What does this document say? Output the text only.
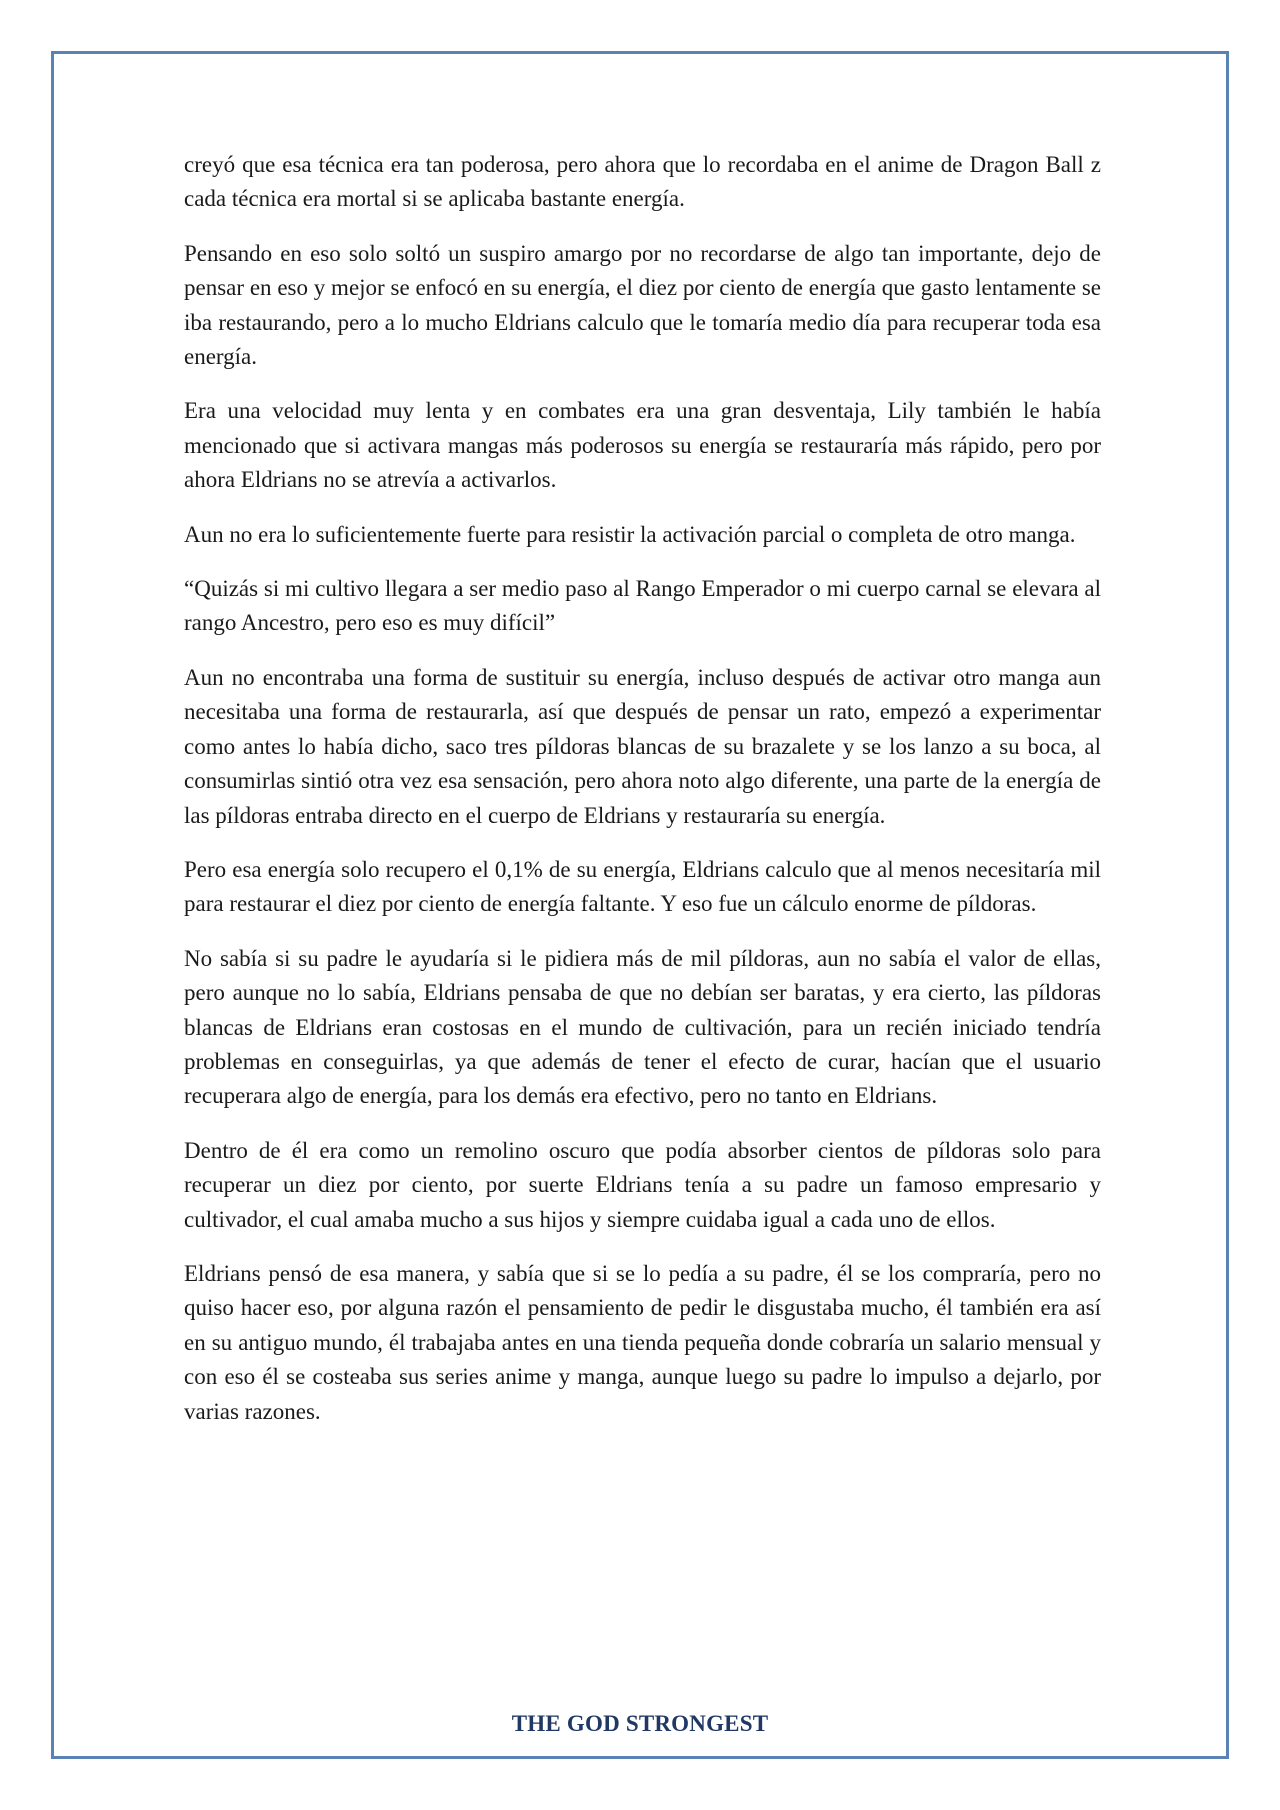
creyó que esa técnica era tan poderosa, pero ahora que lo recordaba en el anime de Dragon Ball z cada técnica era mortal si se aplicaba bastante energía.

Pensando en eso solo soltó un suspiro amargo por no recordarse de algo tan importante, dejo de pensar en eso y mejor se enfocó en su energía, el diez por ciento de energía que gasto lentamente se iba restaurando, pero a lo mucho Eldrians calculo que le tomaría medio día para recuperar toda esa energía.

Era una velocidad muy lenta y en combates era una gran desventaja, Lily también le había mencionado que si activara mangas más poderosos su energía se restauraría más rápido, pero por ahora Eldrians no se atrevía a activarlos.

Aun no era lo suficientemente fuerte para resistir la activación parcial o completa de otro manga.

“Quizás si mi cultivo llegara a ser medio paso al Rango Emperador o mi cuerpo carnal se elevara al rango Ancestro, pero eso es muy difícil”

Aun no encontraba una forma de sustituir su energía, incluso después de activar otro manga aun necesitaba una forma de restaurarla, así que después de pensar un rato, empezó a experimentar como antes lo había dicho, saco tres píldoras blancas de su brazalete y se los lanzo a su boca, al consumirlas sintió otra vez esa sensación, pero ahora noto algo diferente, una parte de la energía de las píldoras entraba directo en el cuerpo de Eldrians y restauraría su energía.

Pero esa energía solo recupero el 0,1% de su energía, Eldrians calculo que al menos necesitaría mil para restaurar el diez por ciento de energía faltante. Y eso fue un cálculo enorme de píldoras.

No sabía si su padre le ayudaría si le pidiera más de mil píldoras, aun no sabía el valor de ellas, pero aunque no lo sabía, Eldrians pensaba de que no debían ser baratas, y era cierto, las píldoras blancas de Eldrians eran costosas en el mundo de cultivación, para un recién iniciado tendría problemas en conseguirlas, ya que además de tener el efecto de curar, hacían que el usuario recuperara algo de energía, para los demás era efectivo, pero no tanto en Eldrians.

Dentro de él era como un remolino oscuro que podía absorber cientos de píldoras solo para recuperar un diez por ciento, por suerte Eldrians tenía a su padre un famoso empresario y cultivador, el cual amaba mucho a sus hijos y siempre cuidaba igual a cada uno de ellos.

Eldrians pensó de esa manera, y sabía que si se lo pedía a su padre, él se los compraría, pero no quiso hacer eso, por alguna razón el pensamiento de pedir le disgustaba mucho, él también era así en su antiguo mundo, él trabajaba antes en una tienda pequeña donde cobraría un salario mensual y con eso él se costeaba sus series anime y manga, aunque luego su padre lo impulso a dejarlo, por varias razones.

THE GOD STRONGEST
